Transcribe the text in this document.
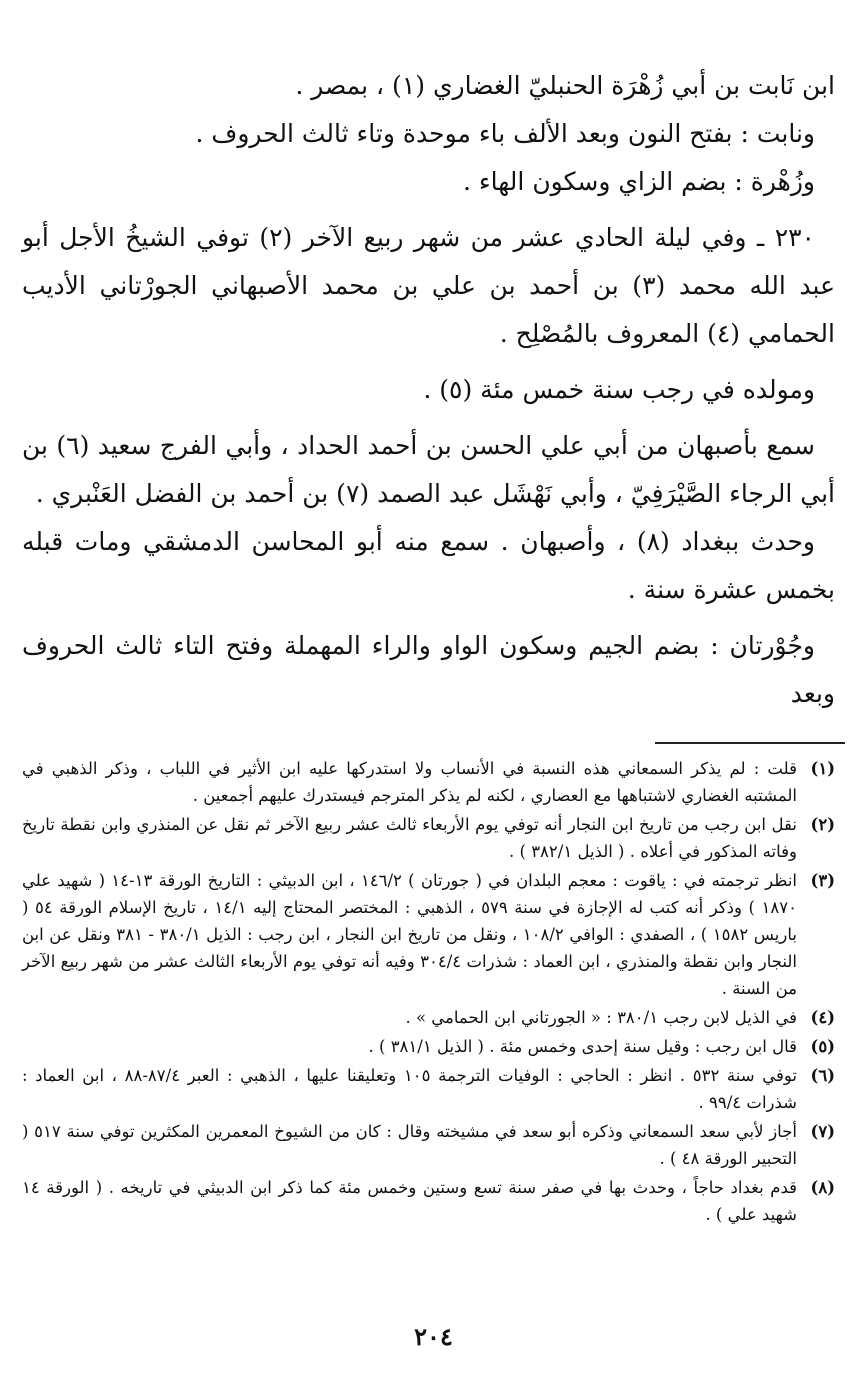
ابن نَابت بن أبي زُهْرَة الحنبليّ الغضاري (١) ، بمصر .

ونابت : بفتح النون وبعد الألف باء موحدة وتاء ثالث الحروف .

وزُهْرة : بضم الزاي وسكون الهاء .

٢٣٠ ـ وفي ليلة الحادي عشر من شهر ربيع الآخر (٢) توفي الشيخُ الأجل أبو عبد الله محمد (٣) بن أحمد بن علي بن محمد الأصبهاني الجورْتاني الأديب الحمامي (٤) المعروف بالمُصْلِح .

ومولده في رجب سنة خمس مئة (٥) .

سمع بأصبهان من أبي علي الحسن بن أحمد الحداد ، وأبي الفرج سعيد (٦) بن أبي الرجاء الصَّيْرَفِيّ ، وأبي نَهْشَل عبد الصمد (٧) بن أحمد بن الفضل العَنْبري .

وحدث ببغداد (٨) ، وأصبهان . سمع منه أبو المحاسن الدمشقي ومات قبله بخمس عشرة سنة .

وجُوْرتان : بضم الجيم وسكون الواو والراء المهملة وفتح التاء ثالث الحروف وبعد

(١)
قلت : لم يذكر السمعاني هذه النسبة في الأنساب ولا استدركها عليه ابن الأثير في اللباب ، وذكر الذهبي في المشتبه الغضاري لاشتباهها مع العصاري ، لكنه لم يذكر المترجم فيستدرك عليهم أجمعين .
(٢)
نقل ابن رجب من تاريخ ابن النجار أنه توفي يوم الأربعاء ثالث عشر ربيع الآخر ثم نقل عن المنذري وابن نقطة تاريخ وفاته المذكور في أعلاه . ( الذيل ٣٨٢/١ ) .
(٣)
انظر ترجمته في : ياقوت : معجم البلدان في ( جورتان ) ١٤٦/٢ ، ابن الدبيثي : التاريخ الورقة ١٣-١٤ ( شهيد علي ١٨٧٠ ) وذكر أنه كتب له الإجازة في سنة ٥٧٩ ، الذهبي : المختصر المحتاج إليه ١٤/١ ، تاريخ الإسلام الورقة ٥٤ ( باريس ١٥٨٢ ) ، الصفدي : الوافي ١٠٨/٢ ، ونقل من تاريخ ابن النجار ، ابن رجب : الذيل ٣٨٠/١ - ٣٨١ ونقل عن ابن النجار وابن نقطة والمنذري ، ابن العماد : شذرات ٣٠٤/٤ وفيه أنه توفي يوم الأربعاء الثالث عشر من شهر ربيع الآخر من السنة .
(٤)
في الذيل لابن رجب ٣٨٠/١ : « الجورتاني ابن الحمامي » .
(٥)
قال ابن رجب : وقيل سنة إحدى وخمس مئة . ( الذيل ٣٨١/١ ) .
(٦)
توفي سنة ٥٣٢ . انظر : الحاجي : الوفيات الترجمة ١٠٥ وتعليقنا عليها ، الذهبي : العبر ٨٧/٤-٨٨ ، ابن العماد : شذرات ٩٩/٤ .
(٧)
أجاز لأبي سعد السمعاني وذكره أبو سعد في مشيخته وقال : كان من الشيوخ المعمرين المكثرين توفي سنة ٥١٧ ( التحبير الورقة ٤٨ ) .
(٨)
قدم بغداد حاجاً ، وحدث بها في صفر سنة تسع وستين وخمس مئة كما ذكر ابن الدبيثي في تاريخه . ( الورقة ١٤ شهيد علي ) .
٢٠٤
